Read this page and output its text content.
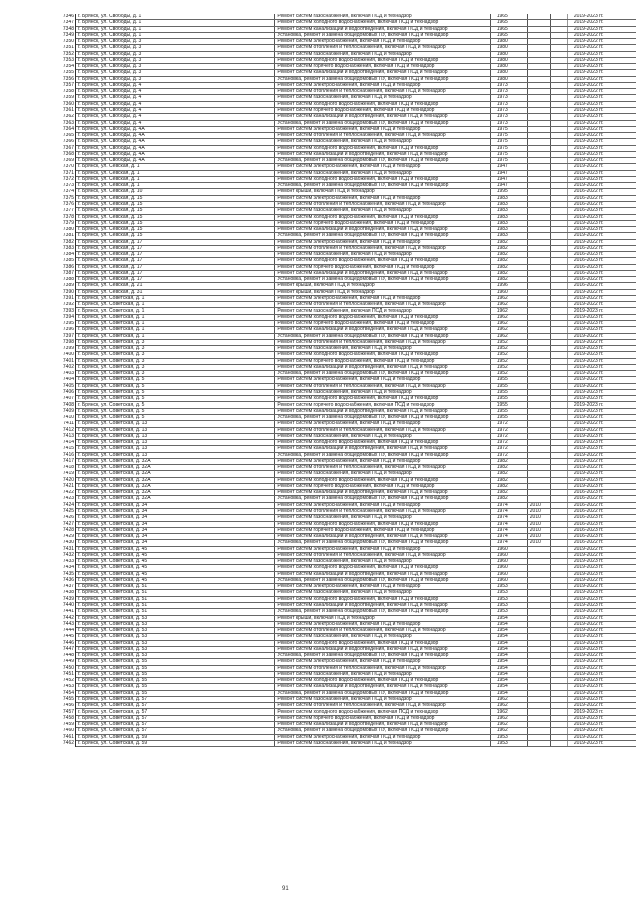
7346	г. Брянск, ул. Свободы, д. 1	Ремонт систем газоснабжения, включая ПСД и технадзор	1965			2019-2023 гг.
7347	г. Брянск, ул. Свободы, д. 1	Ремонт систем холодного водоснабжения, включая ПСД и технадзор	1965			2019-2023 гг.
7348	г. Брянск, ул. Свободы, д. 1	Ремонт систем канализации и водоотведения, включая ПСД и технадзор	1965			2019-2023 гг.
7349	г. Брянск, ул. Свободы, д. 1	Установка, ремонт и замена общедомовых ПУ, включая ПСД и технадзор	1965			2019-2022 гг.
7350	г. Брянск, ул. Свободы, д. 3	Ремонт систем электроснабжения, включая ПСД и технадзор	1980			2019-2022 гг.
7351	г. Брянск, ул. Свободы, д. 3	Ремонт систем отопления и теплоснабжения, включая ПСД и технадзор	1980			2019-2022 гг.
7352	г. Брянск, ул. Свободы, д. 3	Ремонт систем газоснабжения, включая ПСД и технадзор	1980			2019-2023 гг.
7353	г. Брянск, ул. Свободы, д. 3	Ремонт систем холодного водоснабжения, включая ПСД и технадзор	1980			2019-2023 гг.
7354	г. Брянск, ул. Свободы, д. 3	Ремонт систем горячего водоснабжения, включая ПСД и технадзор	1980			2019-2023 гг.
7355	г. Брянск, ул. Свободы, д. 3	Ремонт систем канализации и водоотведения, включая ПСД и технадзор	1980			2019-2023 гг.
7356	г. Брянск, ул. Свободы, д. 3	Установка, ремонт и замена общедомовых ПУ, включая ПСД и технадзор	1980			2019-2022 гг.
7357	г. Брянск, ул. Свободы, д. 4	Ремонт систем электроснабжения, включая ПСД и технадзор	1973			2019-2022 гг.
7358	г. Брянск, ул. Свободы, д. 4	Ремонт систем отопления и теплоснабжения, включая ПСД и технадзор	1973			2019-2022 гг.
7359	г. Брянск, ул. Свободы, д. 4	Ремонт систем газоснабжения, включая ПСД и технадзор	1973			2019-2023 гг.
7360	г. Брянск, ул. Свободы, д. 4	Ремонт систем холодного водоснабжения, включая ПСД и технадзор	1973			2019-2023 гг.
7361	г. Брянск, ул. Свободы, д. 4	Ремонт систем горячего водоснабжения, включая ПСД и технадзор	1973			2019-2023 гг.
7362	г. Брянск, ул. Свободы, д. 4	Ремонт систем канализации и водоотведения, включая ПСД и технадзор	1973			2019-2023 гг.
7363	г. Брянск, ул. Свободы, д. 4	Установка, ремонт и замена общедомовых ПУ, включая ПСД и технадзор	1973			2019-2022 гг.
7364	г. Брянск, ул. Свободы, д. 4А	Ремонт систем электроснабжения, включая ПСД и технадзор	1975			2019-2022 гг.
7365	г. Брянск, ул. Свободы, д. 4А	Ремонт систем отопления и теплоснабжения, включая ПСД и технадзор	1975			2019-2022 гг.
7366	г. Брянск, ул. Свободы, д. 4А	Ремонт систем газоснабжения, включая ПСД и технадзор	1975			2019-2023 гг.
7367	г. Брянск, ул. Свободы, д. 4А	Ремонт систем холодного водоснабжения, включая ПСД и технадзор	1975			2019-2023 гг.
7368	г. Брянск, ул. Свободы, д. 4А	Ремонт систем канализации и водоотведения, включая ПСД и технадзор	1975			2019-2023 гг.
7369	г. Брянск, ул. Свободы, д. 4А	Установка, ремонт и замена общедомовых ПУ, включая ПСД и технадзор	1975			2019-2022 гг.
7370	г. Брянск, ул. Севская, д. 1	Ремонт систем электроснабжения, включая ПСД и технадзор	1947			2019-2022 гг.
7371	г. Брянск, ул. Севская, д. 1	Ремонт систем газоснабжения, включая ПСД и технадзор	1947			2019-2023 гг.
7372	г. Брянск, ул. Севская, д. 1	Ремонт систем холодного водоснабжения, включая ПСД и технадзор	1947			2019-2023 гг.
7373	г. Брянск, ул. Севская, д. 1	Установка, ремонт и замена общедомовых ПУ, включая ПСД и технадзор	1947			2019-2022 гг.
7374	г. Брянск, ул. Севская, д. 10	Ремонт крыши, включая ПСД и технадзор	1995			2016-2022 гг.
7375	г. Брянск, ул. Севская, д. 15	Ремонт систем электроснабжения, включая ПСД и технадзор	1983			2016-2022 гг.
7376	г. Брянск, ул. Севская, д. 15	Ремонт систем отопления и теплоснабжения, включая ПСД и технадзор	1983			2016-2022 гг.
7377	г. Брянск, ул. Севская, д. 15	Ремонт систем газоснабжения, включая ПСД и технадзор	1983			2016-2023 гг.
7378	г. Брянск, ул. Севская, д. 15	Ремонт систем холодного водоснабжения, включая ПСД и технадзор	1983			2019-2023 гг.
7379	г. Брянск, ул. Севская, д. 15	Ремонт систем горячего водоснабжения, включая ПСД и технадзор	1983			2019-2023 гг.
7380	г. Брянск, ул. Севская, д. 15	Ремонт систем канализации и водоотведения, включая ПСД и технадзор	1983			2019-2023 гг.
7381	г. Брянск, ул. Севская, д. 15	Установка, ремонт и замена общедомовых ПУ, включая ПСД и технадзор	1983			2019-2022 гг.
7382	г. Брянск, ул. Севская, д. 17	Ремонт систем электроснабжения, включая ПСД и технадзор	1982			2019-2022 гг.
7383	г. Брянск, ул. Севская, д. 17	Ремонт систем отопления и теплоснабжения, включая ПСД и технадзор	1982			2016-2022 гг.
7384	г. Брянск, ул. Севская, д. 17	Ремонт систем газоснабжения, включая ПСД и технадзор	1982			2016-2023 гг.
7385	г. Брянск, ул. Севская, д. 17	Ремонт систем холодного водоснабжения, включая ПСД и технадзор	1982			2016-2023 гг.
7386	г. Брянск, ул. Севская, д. 17	Ремонт систем горячего водоснабжения, включая ПСД и технадзор	1982			2016-2023 гг.
7387	г. Брянск, ул. Севская, д. 17	Ремонт систем канализации и водоотведения, включая ПСД и технадзор	1982			2016-2023 гг.
7388	г. Брянск, ул. Севская, д. 17	Установка, ремонт и замена общедомовых ПУ, включая ПСД и технадзор	1982			2016-2022 гг.
7389	г. Брянск, ул. Севская, д. 21	Ремонт крыши, включая ПСД и технадзор	1996			2016-2022 гг.
7390	г. Брянск, ул. Севская, д. 31	Ремонт крыши, включая ПСД и технадзор	1960			2019-2022 гг.
7391	г. Брянск, ул. Советская, д. 1	Ремонт систем электроснабжения, включая ПСД и технадзор	1962			2019-2022 гг.
7392	г. Брянск, ул. Советская, д. 1	Ремонт систем отопления и теплоснабжения, включая ПСД и технадзор	1962			2019-2022 гг.
7393	г. Брянск, ул. Советская, д. 1	Ремонт систем газоснабжения, включая ПСД и технадзор	1962			2019-2023 гг.
7394	г. Брянск, ул. Советская, д. 1	Ремонт систем холодного водоснабжения, включая ПСД и технадзор	1962			2019-2023 гг.
7395	г. Брянск, ул. Советская, д. 1	Ремонт систем горячего водоснабжения, включая ПСД и технадзор	1962			2019-2023 гг.
7396	г. Брянск, ул. Советская, д. 1	Ремонт систем канализации и водоотведения, включая ПСД и технадзор	1962			2019-2023 гг.
7397	г. Брянск, ул. Советская, д. 1	Установка, ремонт и замена общедомовых ПУ, включая ПСД и технадзор	1962			2019-2022 гг.
7398	г. Брянск, ул. Советская, д. 3	Ремонт систем отопления и теплоснабжения, включая ПСД и технадзор	1952			2019-2022 гг.
7399	г. Брянск, ул. Советская, д. 3	Ремонт систем газоснабжения, включая ПСД и технадзор	1952			2019-2023 гг.
7400	г. Брянск, ул. Советская, д. 3	Ремонт систем холодного водоснабжения, включая ПСД и технадзор	1952			2019-2023 гг.
7401	г. Брянск, ул. Советская, д. 3	Ремонт систем горячего водоснабжения, включая ПСД и технадзор	1952			2019-2023 гг.
7402	г. Брянск, ул. Советская, д. 3	Ремонт систем канализации и водоотведения, включая ПСД и технадзор	1952			2019-2023 гг.
7403	г. Брянск, ул. Советская, д. 3	Установка, ремонт и замена общедомовых ПУ, включая ПСД и технадзор	1952			2019-2022 гг.
7404	г. Брянск, ул. Советская, д. 5	Ремонт систем электроснабжения, включая ПСД и технадзор	1955			2019-2022 гг.
7405	г. Брянск, ул. Советская, д. 5	Ремонт систем отопления и теплоснабжения, включая ПСД и технадзор	1955			2019-2022 гг.
7406	г. Брянск, ул. Советская, д. 5	Ремонт систем газоснабжения, включая ПСД и технадзор	1955			2019-2023 гг.
7407	г. Брянск, ул. Советская, д. 5	Ремонт систем холодного водоснабжения, включая ПСД и технадзор	1955			2019-2023 гг.
7408	г. Брянск, ул. Советская, д. 5	Ремонт систем горячего водоснабжения, включая ПСД и технадзор	1955			2019-2023 гг.
7409	г. Брянск, ул. Советская, д. 5	Ремонт систем канализации и водоотведения, включая ПСД и технадзор	1955			2019-2023 гг.
7410	г. Брянск, ул. Советская, д. 5	Установка, ремонт и замена общедомовых ПУ, включая ПСД и технадзор	1955			2019-2022 гг.
7411	г. Брянск, ул. Советская, д. 13	Ремонт систем электроснабжения, включая ПСД и технадзор	1972			2019-2022 гг.
7412	г. Брянск, ул. Советская, д. 13	Ремонт систем отопления и теплоснабжения, включая ПСД и технадзор	1972			2019-2022 гг.
7413	г. Брянск, ул. Советская, д. 13	Ремонт систем газоснабжения, включая ПСД и технадзор	1972			2019-2023 гг.
7414	г. Брянск, ул. Советская, д. 13	Ремонт систем холодного водоснабжения, включая ПСД и технадзор	1972			2019-2023 гг.
7415	г. Брянск, ул. Советская, д. 13	Ремонт систем канализации и водоотведения, включая ПСД и технадзор	1972			2019-2023 гг.
7416	г. Брянск, ул. Советская, д. 13	Установка, ремонт и замена общедомовых ПУ, включая ПСД и технадзор	1972			2019-2022 гг.
7417	г. Брянск, ул. Советская, д. 32А	Ремонт систем электроснабжения, включая ПСД и технадзор	1982			2019-2022 гг.
7418	г. Брянск, ул. Советская, д. 32А	Ремонт систем отопления и теплоснабжения, включая ПСД и технадзор	1982			2019-2022 гг.
7419	г. Брянск, ул. Советская, д. 32А	Ремонт систем газоснабжения, включая ПСД и технадзор	1982			2019-2023 гг.
7420	г. Брянск, ул. Советская, д. 32А	Ремонт систем холодного водоснабжения, включая ПСД и технадзор	1982			2019-2023 гг.
7421	г. Брянск, ул. Советская, д. 32А	Ремонт систем горячего водоснабжения, включая ПСД и технадзор	1982			2019-2023 гг.
7422	г. Брянск, ул. Советская, д. 32А	Ремонт систем канализации и водоотведения, включая ПСД и технадзор	1982			2016-2023 гг.
7423	г. Брянск, ул. Советская, д. 32А	Установка, ремонт и замена общедомовых ПУ, включая ПСД и технадзор	1982			2016-2022 гг.
7424	г. Брянск, ул. Советская, д. 34	Ремонт систем электроснабжения, включая ПСД и технадзор	1974	2010		2016-2022 гг.
7425	г. Брянск, ул. Советская, д. 34	Ремонт систем отопления и теплоснабжения, включая ПСД и технадзор	1974	2010		2016-2022 гг.
7426	г. Брянск, ул. Советская, д. 34	Ремонт систем газоснабжения, включая ПСД и технадзор	1974	2010		2016-2023 гг.
7427	г. Брянск, ул. Советская, д. 34	Ремонт систем холодного водоснабжения, включая ПСД и технадзор	1974	2010		2016-2023 гг.
7428	г. Брянск, ул. Советская, д. 34	Ремонт систем горячего водоснабжения, включая ПСД и технадзор	1974	2010		2016-2023 гг.
7429	г. Брянск, ул. Советская, д. 34	Ремонт систем канализации и водоотведения, включая ПСД и технадзор	1974	2010		2016-2023 гг.
7430	г. Брянск, ул. Советская, д. 34	Установка, ремонт и замена общедомовых ПУ, включая ПСД и технадзор	1974	2010		2016-2022 гг.
7431	г. Брянск, ул. Советская, д. 45	Ремонт систем электроснабжения, включая ПСД и технадзор	1960			2019-2022 гг.
7432	г. Брянск, ул. Советская, д. 45	Ремонт систем отопления и теплоснабжения, включая ПСД и технадзор	1960			2019-2022 гг.
7433	г. Брянск, ул. Советская, д. 45	Ремонт систем газоснабжения, включая ПСД и технадзор	1960			2019-2023 гг.
7434	г. Брянск, ул. Советская, д. 45	Ремонт систем холодного водоснабжения, включая ПСД и технадзор	1960			2019-2023 гг.
7435	г. Брянск, ул. Советская, д. 45	Ремонт систем канализации и водоотведения, включая ПСД и технадзор	1960			2019-2023 гг.
7436	г. Брянск, ул. Советская, д. 45	Установка, ремонт и замена общедомовых ПУ, включая ПСД и технадзор	1960			2019-2022 гг.
7437	г. Брянск, ул. Советская, д. 51	Ремонт систем электроснабжения, включая ПСД и технадзор	1953			2019-2022 гг.
7438	г. Брянск, ул. Советская, д. 51	Ремонт систем газоснабжения, включая ПСД и технадзор	1953			2019-2023 гг.
7439	г. Брянск, ул. Советская, д. 51	Ремонт систем холодного водоснабжения, включая ПСД и технадзор	1953			2019-2023 гг.
7440	г. Брянск, ул. Советская, д. 51	Ремонт систем канализации и водоотведения, включая ПСД и технадзор	1953			2019-2023 гг.
7441	г. Брянск, ул. Советская, д. 51	Установка, ремонт и замена общедомовых ПУ, включая ПСД и технадзор	1953			2019-2022 гг.
7442	г. Брянск, ул. Советская, д. 53	Ремонт крыши, включая ПСД и технадзор	1954			2019-2022 гг.
7443	г. Брянск, ул. Советская, д. 53	Ремонт систем электроснабжения, включая ПСД и технадзор	1954			2019-2022 гг.
7444	г. Брянск, ул. Советская, д. 53	Ремонт систем отопления и теплоснабжения, включая ПСД и технадзор	1954			2019-2022 гг.
7445	г. Брянск, ул. Советская, д. 53	Ремонт систем газоснабжения, включая ПСД и технадзор	1954			2019-2023 гг.
7446	г. Брянск, ул. Советская, д. 53	Ремонт систем холодного водоснабжения, включая ПСД и технадзор	1954			2019-2023 гг.
7447	г. Брянск, ул. Советская, д. 53	Ремонт систем канализации и водоотведения, включая ПСД и технадзор	1954			2019-2023 гг.
7448	г. Брянск, ул. Советская, д. 53	Установка, ремонт и замена общедомовых ПУ, включая ПСД и технадзор	1954			2019-2022 гг.
7449	г. Брянск, ул. Советская, д. 55	Ремонт систем электроснабжения, включая ПСД и технадзор	1954			2019-2022 гг.
7450	г. Брянск, ул. Советская, д. 55	Ремонт систем отопления и теплоснабжения, включая ПСД и технадзор	1954			2019-2022 гг.
7451	г. Брянск, ул. Советская, д. 55	Ремонт систем газоснабжения, включая ПСД и технадзор	1954			2019-2023 гг.
7452	г. Брянск, ул. Советская, д. 55	Ремонт систем холодного водоснабжения, включая ПСД и технадзор	1954			2019-2023 гг.
7453	г. Брянск, ул. Советская, д. 55	Ремонт систем канализации и водоотведения, включая ПСД и технадзор	1954			2019-2023 гг.
7454	г. Брянск, ул. Советская, д. 55	Установка, ремонт и замена общедомовых ПУ, включая ПСД и технадзор	1954			2019-2022 гг.
7455	г. Брянск, ул. Советская, д. 57	Ремонт систем газоснабжения, включая ПСД и технадзор	1962			2019-2023 гг.
7456	г. Брянск, ул. Советская, д. 57	Ремонт систем отопления и теплоснабжения, включая ПСД и технадзор	1962			2019-2022 гг.
7457	г. Брянск, ул. Советская, д. 57	Ремонт систем холодного водоснабжения, включая ПСД и технадзор	1962			2019-2023 гг.
7458	г. Брянск, ул. Советская, д. 57	Ремонт систем горячего водоснабжения, включая ПСД и технадзор	1962			2019-2023 гг.
7459	г. Брянск, ул. Советская, д. 57	Ремонт систем канализации и водоотведения, включая ПСД и технадзор	1962			2019-2023 гг.
7460	г. Брянск, ул. Советская, д. 57	Установка, ремонт и замена общедомовых ПУ, включая ПСД и технадзор	1962			2019-2022 гг.
7461	г. Брянск, ул. Советская, д. 59	Ремонт систем электроснабжения, включая ПСД и технадзор	1953			2019-2022 гг.
7462	г. Брянск, ул. Советская, д. 59	Ремонт систем газоснабжения, включая ПСД и технадзор	1953			2019-2023 гг.
91
